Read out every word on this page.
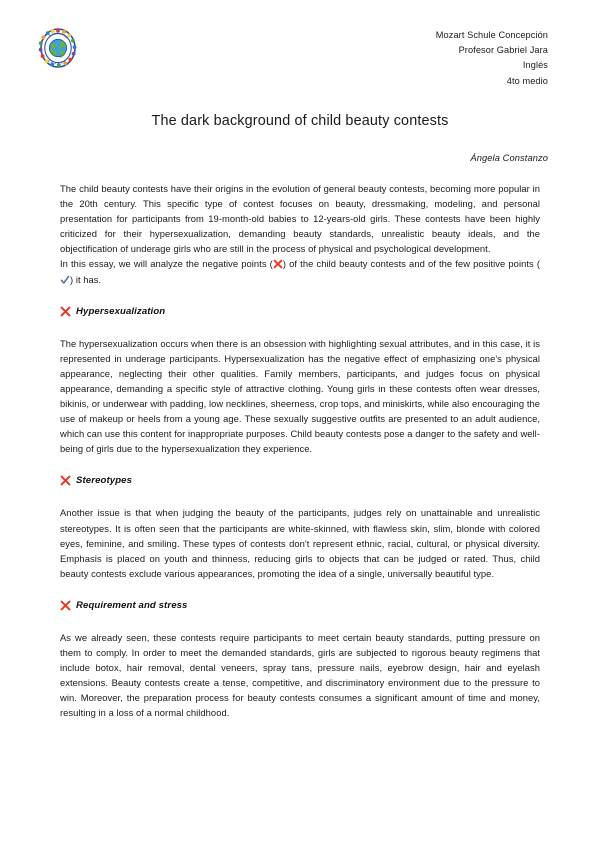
Mozart Schule Concepción
Profesor Gabriel Jara
Inglés
4to medio
The dark background of child beauty contests
Ángela Constanzo

The child beauty contests have their origins in the evolution of general beauty contests, becoming more popular in the 20th century. This specific type of contest focuses on beauty, dressmaking, modeling, and personal presentation for participants from 19-month-old babies to 12-years-old girls. These contests have been highly criticized for their hypersexualization, demanding beauty standards, unrealistic beauty ideals, and the objectification of underage girls who are still in the process of physical and psychological development.

In this essay, we will analyze the negative points ( ) of the child beauty contests and of the few positive points () it has.

Hypersexualization

The hypersexualization occurs when there is an obsession with highlighting sexual attributes, and in this case, it is represented in underage participants. Hypersexualization has the negative effect of emphasizing one's physical appearance, neglecting their other qualities. Family members, participants, and judges focus on physical appearance, demanding a specific style of attractive clothing. Young girls in these contests often wear dresses, bikinis, or underwear with padding, low necklines, sheerness, crop tops, and miniskirts, while also encouraging the use of makeup or heels from a young age. These sexually suggestive outfits are presented to an adult audience, which can use this content for inappropriate purposes. Child beauty contests pose a danger to the safety and well-being of girls due to the hypersexualization they experience.

Stereotypes

Another issue is that when judging the beauty of the participants, judges rely on unattainable and unrealistic stereotypes. It is often seen that the participants are white-skinned, with flawless skin, slim, blonde with colored eyes, feminine, and smiling. These types of contests don't represent ethnic, racial, cultural, or physical diversity. Emphasis is placed on youth and thinness, reducing girls to objects that can be judged or rated. Thus, child beauty contests exclude various appearances, promoting the idea of a single, universally beautiful type.

Requirement and stress

As we already seen, these contests require participants to meet certain beauty standards, putting pressure on them to comply. In order to meet the demanded standards, girls are subjected to rigorous beauty regimens that include botox, hair removal, dental veneers, spray tans, pressure nails, eyebrow design, hair and eyelash extensions. Beauty contests create a tense, competitive, and discriminatory environment due to the pressure to win. Moreover, the preparation process for beauty contests consumes a significant amount of time and money, resulting in a loss of a normal childhood.
